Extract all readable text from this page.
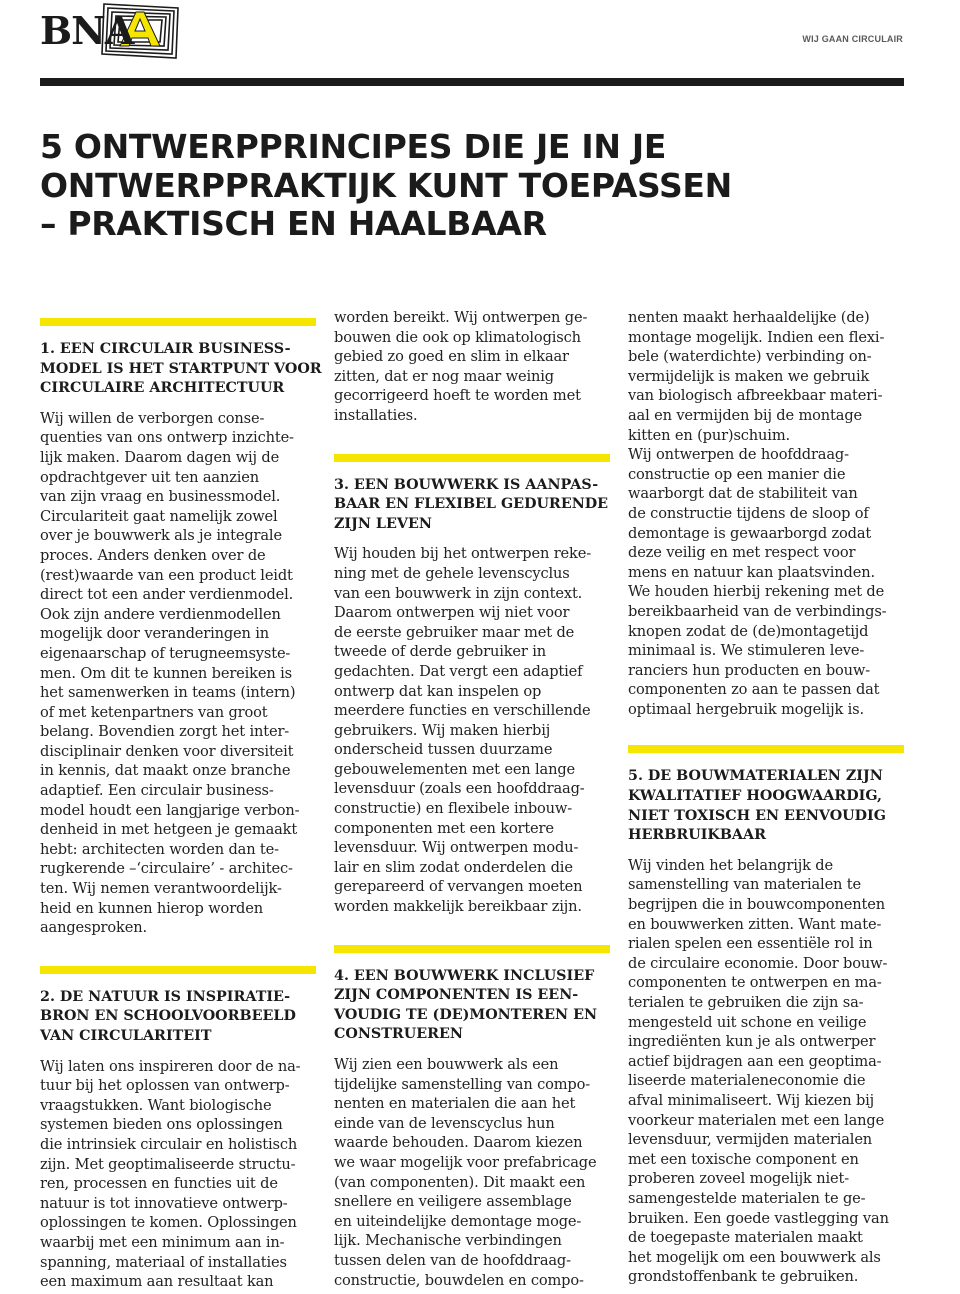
BNA	WIJ GAAN CIRCULAIR
5 ONTWERPPRINCIPES DIE JE IN JE
ONTWERPPRAKTIJK KUNT TOEPASSEN
– PRAKTISCH EN HAALBAAR
1. EEN CIRCULAIR BUSINESS-
MODEL IS HET STARTPUNT VOOR
CIRCULAIRE ARCHITECTUUR
Wij willen de verborgen conse-
quenties van ons ontwerp inzichte-
lijk maken. Daarom dagen wij de
opdrachtgever uit ten aanzien
van zijn vraag en businessmodel.
Circulariteit gaat namelijk zowel
over je bouwwerk als je integrale
proces. Anders denken over de
(rest)waarde van een product leidt
direct tot een ander verdienmodel.
Ook zijn andere verdienmodellen
mogelijk door veranderingen in
eigenaarschap of terugneemsyste-
men. Om dit te kunnen bereiken is
het samenwerken in teams (intern)
of met ketenpartners van groot
belang. Bovendien zorgt het inter-
disciplinair denken voor diversiteit
in kennis, dat maakt onze branche
adaptief. Een circulair business-
model houdt een langjarige verbon-
denheid in met hetgeen je gemaakt
hebt: architecten worden dan te-
rugkerende –‘circulaire’ - architec-
ten. Wij nemen verantwoordelijk-
heid en kunnen hierop worden
aangesproken.
2. DE NATUUR IS INSPIRATIE-
BRON EN SCHOOLVOORBEELD
VAN CIRCULARITEIT
Wij laten ons inspireren door de na-
tuur bij het oplossen van ontwerp-
vraagstukken. Want biologische
systemen bieden ons oplossingen
die intrinsiek circulair en holistisch
zijn. Met geoptimaliseerde structu-
ren, processen en functies uit de
natuur is tot innovatieve ontwerp-
oplossingen te komen. Oplossingen
waarbij met een minimum aan in-
spanning, materiaal of installaties
een maximum aan resultaat kan
worden bereikt. Wij ontwerpen ge-
bouwen die ook op klimatologisch
gebied zo goed en slim in elkaar
zitten, dat er nog maar weinig
gecorrigeerd hoeft te worden met
installaties.
3. EEN BOUWWERK IS AANPAS-
BAAR EN FLEXIBEL GEDURENDE
ZIJN LEVEN
Wij houden bij het ontwerpen reke-
ning met de gehele levenscyclus
van een bouwwerk in zijn context.
Daarom ontwerpen wij niet voor
de eerste gebruiker maar met de
tweede of derde gebruiker in
gedachten. Dat vergt een adaptief
ontwerp dat kan inspelen op
meerdere functies en verschillende
gebruikers. Wij maken hierbij
onderscheid tussen duurzame
gebouwelementen met een lange
levensduur (zoals een hoofddraag-
constructie) en flexibele inbouw-
componenten met een kortere
levensduur. Wij ontwerpen modu-
lair en slim zodat onderdelen die
gerepareerd of vervangen moeten
worden makkelijk bereikbaar zijn.
4. EEN BOUWWERK INCLUSIEF
ZIJN COMPONENTEN IS EEN-
VOUDIG TE (DE)MONTEREN EN
CONSTRUEREN
Wij zien een bouwwerk als een
tijdelijke samenstelling van compo-
nenten en materialen die aan het
einde van de levenscyclus hun
waarde behouden. Daarom kiezen
we waar mogelijk voor prefabricage
(van componenten). Dit maakt een
snellere en veiligere assemblage
en uiteindelijke demontage moge-
lijk. Mechanische verbindingen
tussen delen van de hoofddraag-
constructie, bouwdelen en compo-
nenten maakt herhaaldelijke (de)
montage mogelijk. Indien een flexi-
bele (waterdichte) verbinding on-
vermijdelijk is maken we gebruik
van biologisch afbreekbaar materi-
aal en vermijden bij de montage
kitten en (pur)schuim.
Wij ontwerpen de hoofddraag-
constructie op een manier die
waarborgt dat de stabiliteit van
de constructie tijdens de sloop of
demontage is gewaarborgd zodat
deze veilig en met respect voor
mens en natuur kan plaatsvinden.
We houden hierbij rekening met de
bereikbaarheid van de verbindings-
knopen zodat de (de)montagetijd
minimaal is. We stimuleren leve-
ranciers hun producten en bouw-
componenten zo aan te passen dat
optimaal hergebruik mogelijk is.
5. DE BOUWMATERIALEN ZIJN
KWALITATIEF HOOGWAARDIG,
NIET TOXISCH EN EENVOUDIG
HERBRUIKBAAR
Wij vinden het belangrijk de
samenstelling van materialen te
begrijpen die in bouwcomponenten
en bouwwerken zitten. Want mate-
rialen spelen een essentiële rol in
de circulaire economie. Door bouw-
componenten te ontwerpen en ma-
terialen te gebruiken die zijn sa-
mengesteld uit schone en veilige
ingrediënten kun je als ontwerper
actief bijdragen aan een geoptima-
liseerde materialeneconomie die
afval minimaliseert. Wij kiezen bij
voorkeur materialen met een lange
levensduur, vermijden materialen
met een toxische component en
proberen zoveel mogelijk niet-
samengestelde materialen te ge-
bruiken. Een goede vastlegging van
de toegepaste materialen maakt
het mogelijk om een bouwwerk als
grondstoffenbank te gebruiken.
